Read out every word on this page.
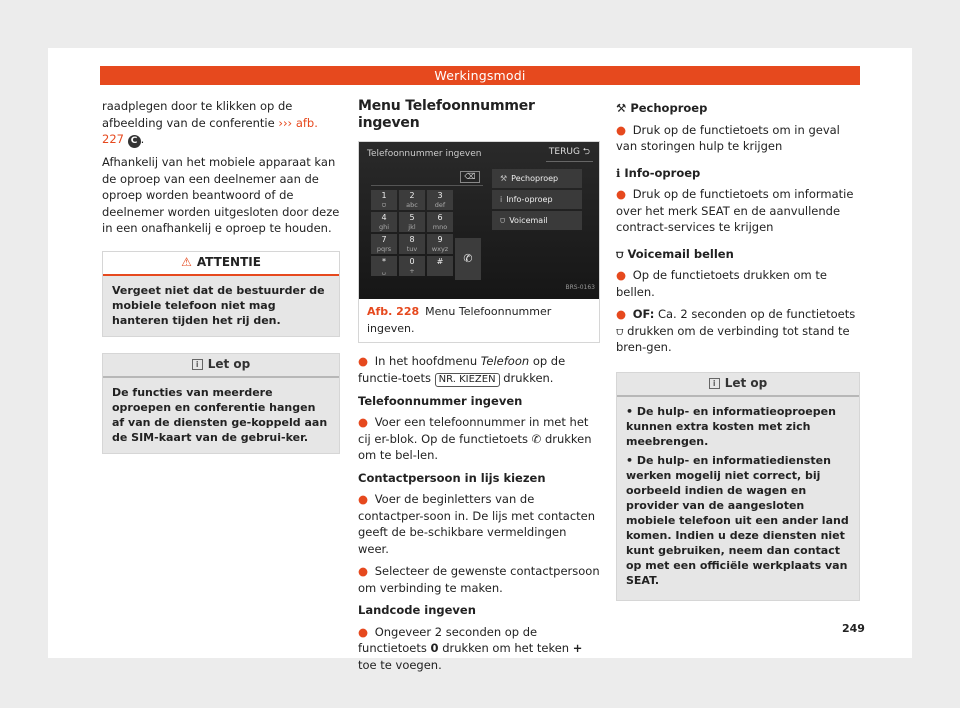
Werkingsmodi

raadplegen door te klikken op de afbeelding van de conferentie ››› afb. 227 C .

Afhankelij van het mobiele apparaat kan de oproep van een deelnemer aan de oproep worden beantwoord of de deelnemer worden uitgesloten door deze in een onafhankelij e oproep te houden.

⚠ ATTENTIE
Vergeet niet dat de bestuurder de mobiele telefoon niet mag hanteren tijden het rij den.
i Let op
De functies van meerdere oproepen en conferentie hangen af van de diensten ge-koppeld aan de SIM-kaart van de gebrui-ker.
Menu Telefoonnummer ingeven
Telefoonnummer ingeven	TERUG ⮌
⌫
1
⩌
2
abc
3
def
4
ghi
5
jkl
6
mno
7
pqrs
8
tuv
9
wxyz
*
␣
0
+
#	✆
⚒ Pechoproep
i Info-oproep
⩌ Voicemail
BRS-0163
Afb. 228 Menu Telefoonnummer ingeven.

● In het hoofdmenu Telefoon op de functie-toets NR. KIEZEN drukken.

Telefoonnummer ingeven

● Voer een telefoonnummer in met het cij er-blok. Op de functietoets ✆ drukken om te bel-len.

Contactpersoon in lijs kiezen

● Voer de beginletters van de contactper-soon in. De lijs met contacten geeft de be-schikbare vermeldingen weer.

● Selecteer de gewenste contactpersoon om verbinding te maken.

Landcode ingeven

● Ongeveer 2 seconden op de functietoets 0 drukken om het teken + toe te voegen.

⚒ Pechoproep

● Druk op de functietoets om in geval van storingen hulp te krijgen

i Info-oproep

● Druk op de functietoets om informatie over het merk SEAT en de aanvullende contract-services te krijgen

⩌ Voicemail bellen

● Op de functietoets drukken om te bellen.

● OF: Ca. 2 seconden op de functietoets ⩌ drukken om de verbinding tot stand te bren-gen.

i Let op

• De hulp- en informatieoproepen kunnen extra kosten met zich meebrengen.

• De hulp- en informatiediensten werken mogelij niet correct, bij oorbeeld indien de wagen en provider van de aangesloten mobiele telefoon uit een ander land komen. Indien u deze diensten niet kunt gebruiken, neem dan contact op met een officiële werkplaats van SEAT.

249
